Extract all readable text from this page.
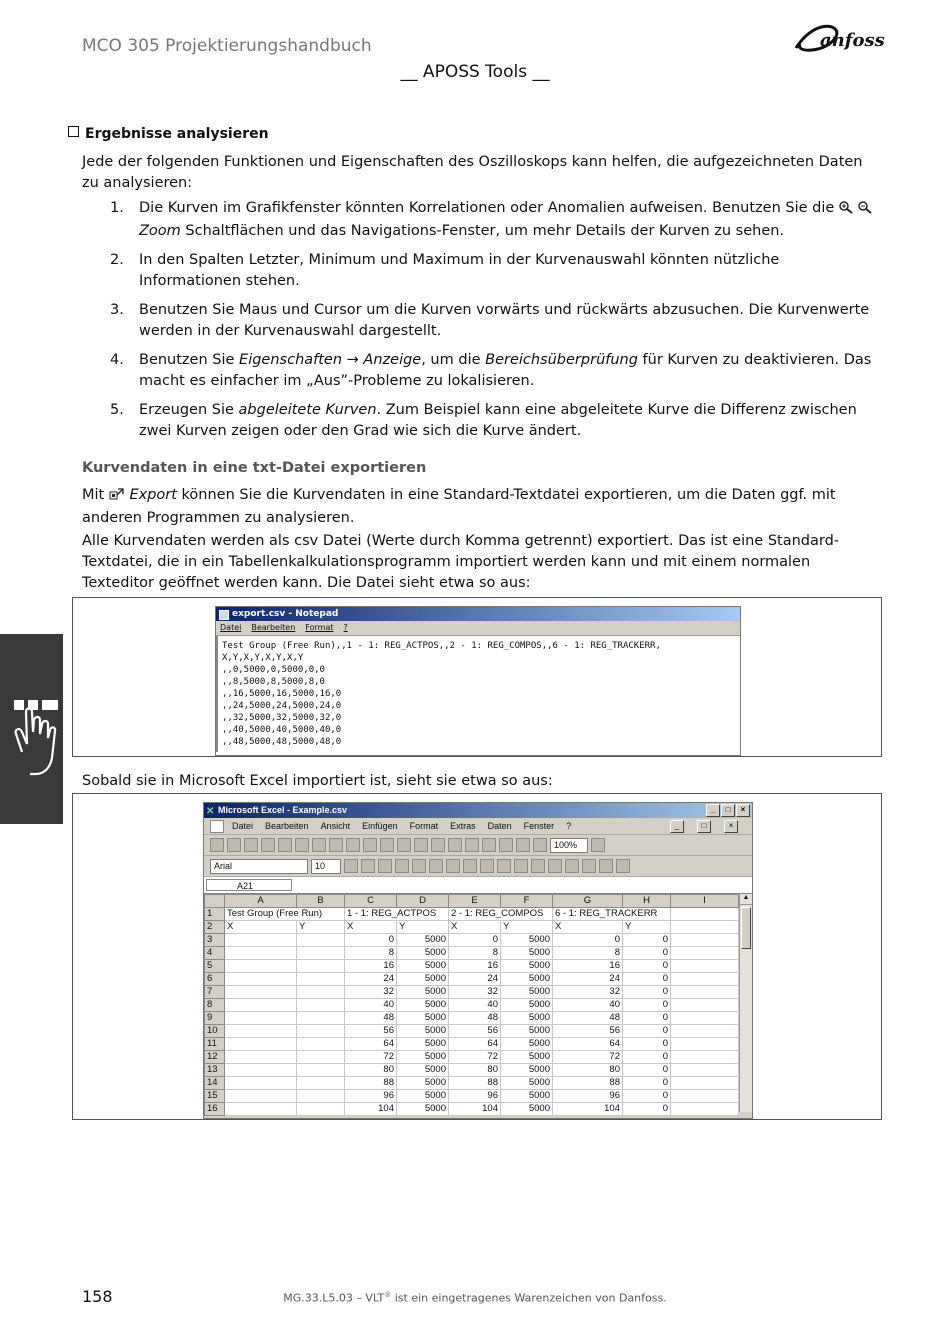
MCO 305 Projektierungshandbuch	anfoss
__ APOSS Tools __
Ergebnisse analysieren

Jede der folgenden Funktionen und Eigenschaften des Oszilloskops kann helfen, die aufgezeichneten Daten zu analysieren:

1. Die Kurven im Grafikfenster könnten Korrelationen oder Anomalien aufweisen. Benutzen Sie die
Zoom Schaltflächen und das Navigations-Fenster, um mehr Details der Kurven zu sehen.
2. In den Spalten Letzter, Minimum und Maximum in der Kurvenauswahl könnten nützliche Informationen stehen.
3. Benutzen Sie Maus und Cursor um die Kurven vorwärts und rückwärts abzusuchen. Die Kurvenwerte werden in der Kurvenauswahl dargestellt.
4. Benutzen Sie Eigenschaften → Anzeige, um die Bereichsüberprüfung für Kurven zu deaktivieren. Das macht es einfacher im „Aus”-Probleme zu lokalisieren.
5. Erzeugen Sie abgeleitete Kurven. Zum Beispiel kann eine abgeleitete Kurve die Differenz zwischen zwei Kurven zeigen oder den Grad wie sich die Kurve ändert.
Kurvendaten in eine txt-Datei exportieren

Mit  Export können Sie die Kurvendaten in eine Standard-Textdatei exportieren, um die Daten ggf. mit anderen Programmen zu analysieren.

Alle Kurvendaten werden als csv Datei (Werte durch Komma getrennt) exportiert. Das ist eine Standard-Textdatei, die in ein Tabellenkalkulationsprogramm importiert werden kann und mit einem normalen Texteditor geöffnet werden kann. Die Datei sieht etwa so aus:

export.csv - Notepad
Datei Bearbeiten Format ?
Test Group (Free Run),,1 - 1: REG_ACTPOS,,2 - 1: REG_COMPOS,,6 - 1: REG_TRACKERR,
X,Y,X,Y,X,Y,X,Y
,,0,5000,0,5000,0,0
,,8,5000,8,5000,8,0
,,16,5000,16,5000,16,0
,,24,5000,24,5000,24,0
,,32,5000,32,5000,32,0
,,40,5000,40,5000,40,0
,,48,5000,48,5000,48,0

Sobald sie in Microsoft Excel importiert ist, sieht sie etwa so aus:

✕ Microsoft Excel - Example.csv	_	□	×
Datei Bearbeiten Ansicht Einfügen Format Extras Daten Fenster ?	_	□	×
100%
Arial	10
A21
	A	B	C	D	E	F	G	H	I
1	Test Group (Free Run)		1 - 1: REG_ACTPOS		2 - 1: REG_COMPOS		6 - 1: REG_TRACKERR		
2	X	Y	X	Y	X	Y	X	Y	
3			0	5000	0	5000	0	0	
4			8	5000	8	5000	8	0	
5			16	5000	16	5000	16	0	
6			24	5000	24	5000	24	0	
7			32	5000	32	5000	32	0	
8			40	5000	40	5000	40	0	
9			48	5000	48	5000	48	0	
10			56	5000	56	5000	56	0	
11			64	5000	64	5000	64	0	
12			72	5000	72	5000	72	0	
13			80	5000	80	5000	80	0	
14			88	5000	88	5000	88	0	
15			96	5000	96	5000	96	0	
16			104	5000	104	5000	104	0	
▲
158	MG.33.L5.03 – VLT® ist ein eingetragenes Warenzeichen von Danfoss.
